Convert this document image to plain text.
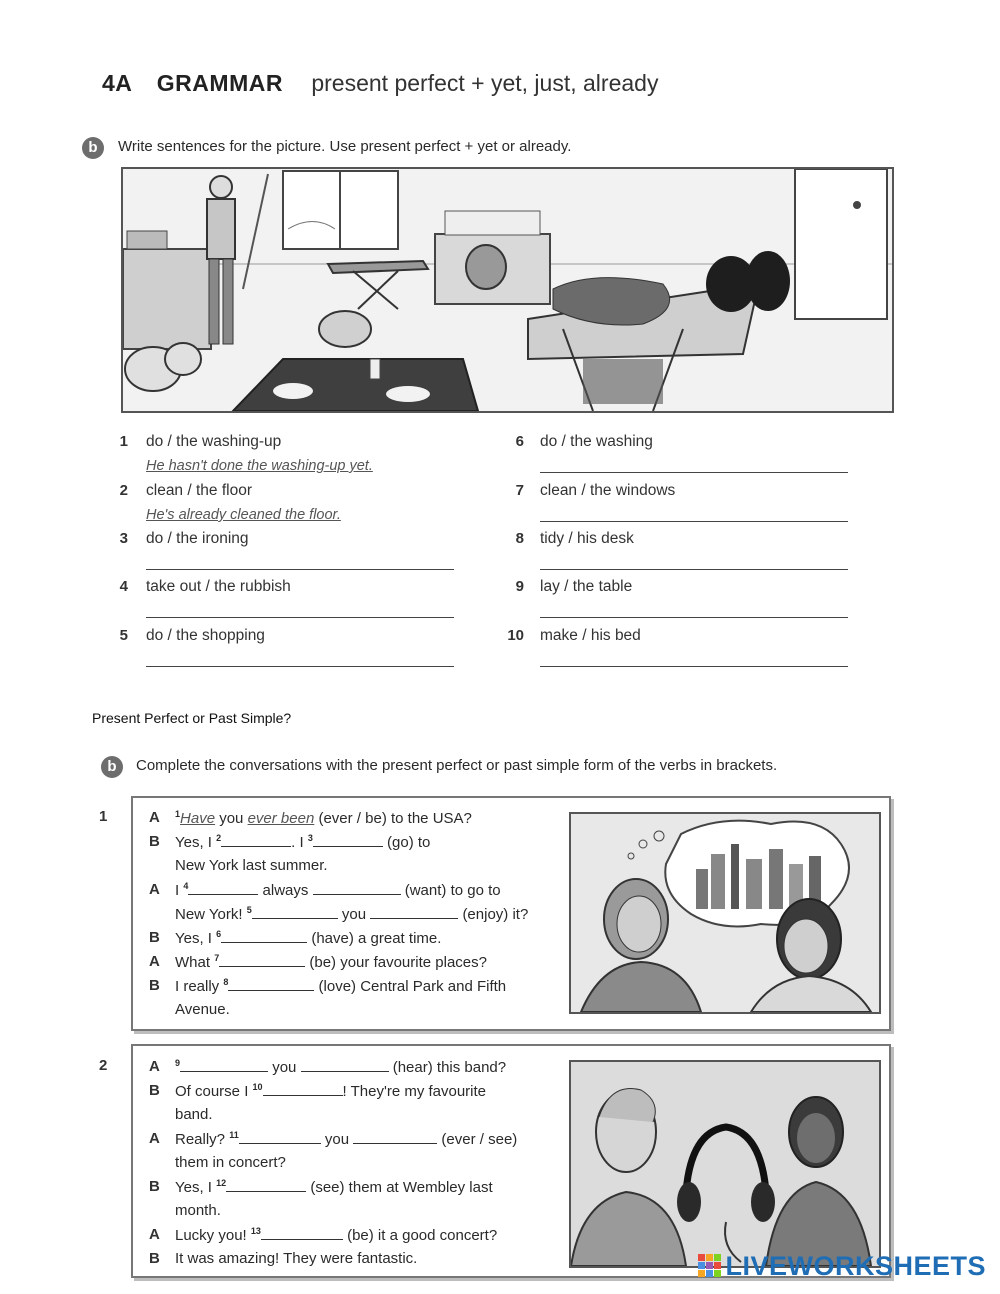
4A GRAMMAR present perfect + yet, just, already
b	Write sentences for the picture. Use present perfect + yet or already.
1 do / the washing-up
He hasn't done the washing-up yet.
2 clean / the floor
He's already cleaned the floor.
3 do / the ironing
4 take out / the rubbish
5 do / the shopping
6 do / the washing
7 clean / the windows
8 tidy / his desk
9 lay / the table
10 make / his bed
Present Perfect or Past Simple?
b	Complete the conversations with the present perfect or past simple form of the verbs in brackets.
1	A $^1$Have you ever been (ever / be) to the USA?
B Yes, I $^2$	. I $^3$	(go) to
New York last summer.
A I $^4$	always	(want) to go to
New York! $^5$	you	(enjoy) it?
B Yes, I $^6$	(have) a great time.
A What $^7$	(be) your favourite places?
B I really $^8$	(love) Central Park and Fifth
Avenue.
2	A $^9$	you	(hear) this band?
B Of course I $^{10}$	! They're my favourite
band.
A Really? $^{11}$	you	(ever / see)
them in concert?
B Yes, I $^{12}$	(see) them at Wembley last
month.
A Lucky you! $^{13}$	(be) it a good concert?
B It was amazing! They were fantastic.	LIVEWORKSHEETS
